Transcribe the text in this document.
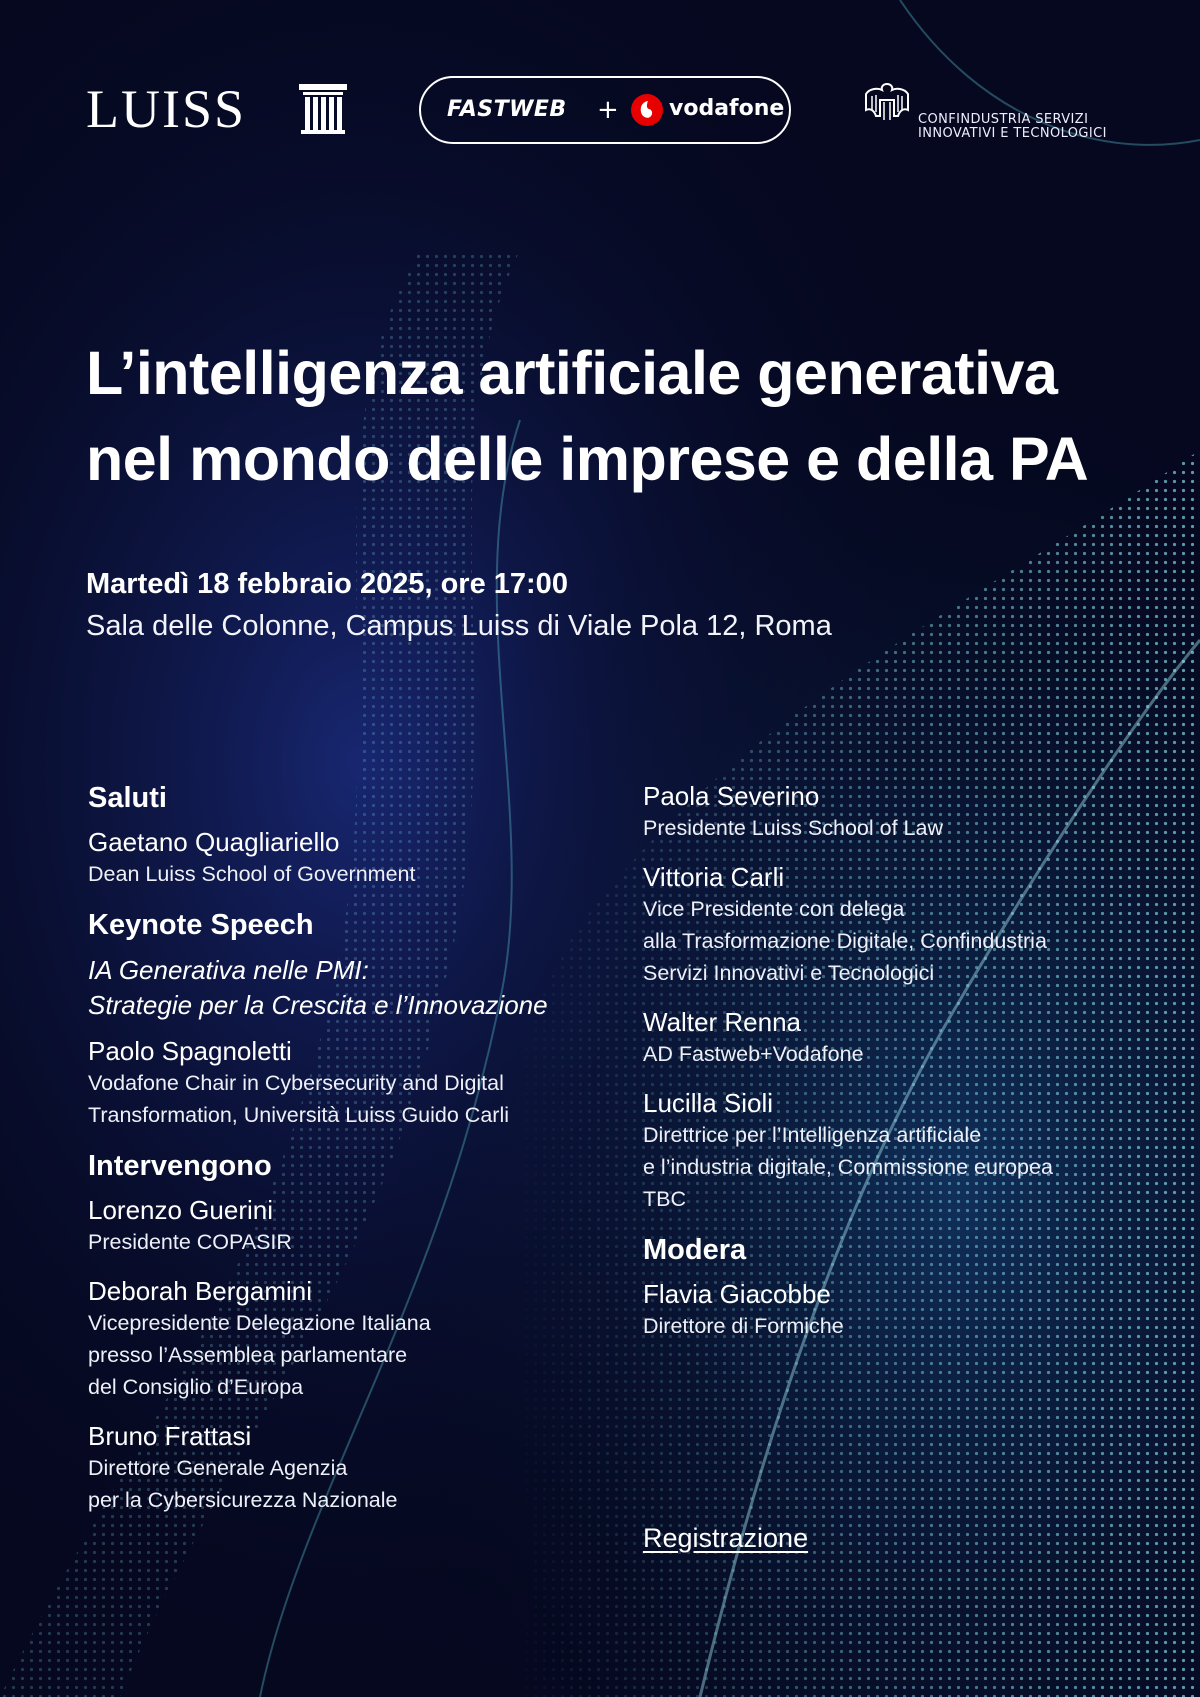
LUISS	FASTWEB + vodafone	CONFINDUSTRIA SERVIZI
INNOVATIVI E TECNOLOGICI
L’intelligenza artificiale generativa
nel mondo delle imprese e della PA
Martedì 18 febbraio 2025, ore 17:00
Sala delle Colonne, Campus Luiss di Viale Pola 12, Roma
Saluti
Gaetano Quagliariello
Dean Luiss School of Government
Keynote Speech
IA Generativa nelle PMI:
Strategie per la Crescita e l’Innovazione
Paolo Spagnoletti
Vodafone Chair in Cybersecurity and Digital
Transformation, Università Luiss Guido Carli
Intervengono
Lorenzo Guerini
Presidente COPASIR
Deborah Bergamini
Vicepresidente Delegazione Italiana
presso l’Assemblea parlamentare
del Consiglio d’Europa
Bruno Frattasi
Direttore Generale Agenzia
per la Cybersicurezza Nazionale
Paola Severino
Presidente Luiss School of Law
Vittoria Carli
Vice Presidente con delega
alla Trasformazione Digitale, Confindustria
Servizi Innovativi e Tecnologici
Walter Renna
AD Fastweb+Vodafone
Lucilla Sioli
Direttrice per l’Intelligenza artificiale
e l’industria digitale, Commissione europea
TBC
Modera
Flavia Giacobbe
Direttore di Formiche
Registrazione
